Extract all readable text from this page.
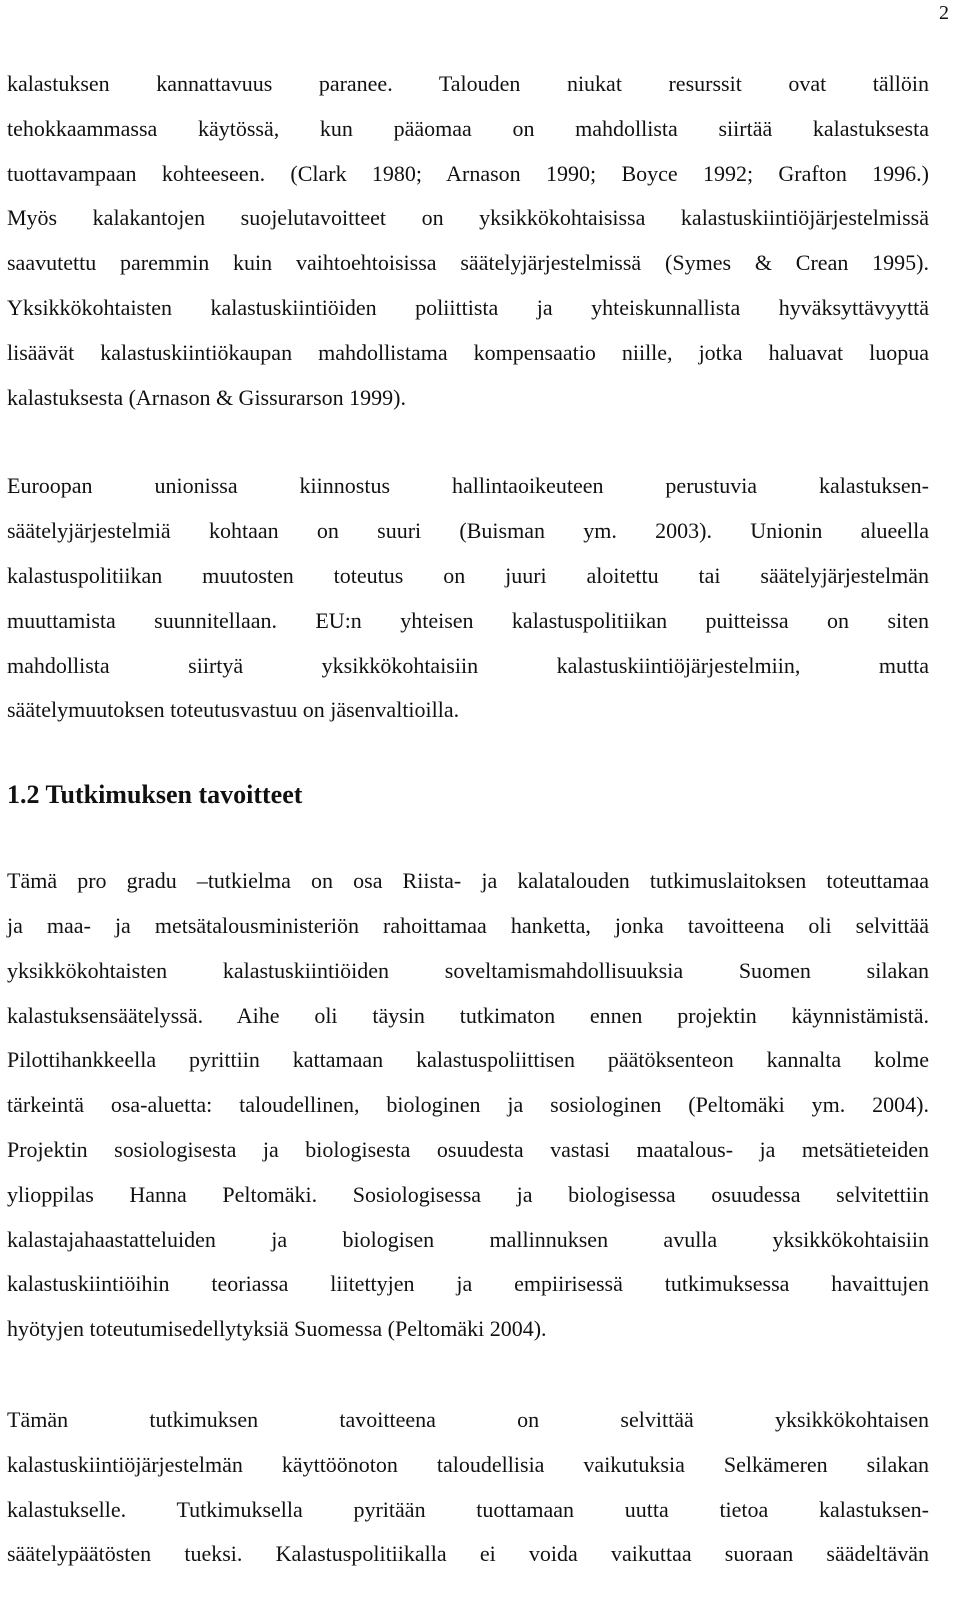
2
kalastuksen kannattavuus paranee. Talouden niukat resurssit ovat tällöin
tehokkaammassa käytössä, kun pääomaa on mahdollista siirtää kalastuksesta
tuottavampaan kohteeseen. (Clark 1980; Arnason 1990; Boyce 1992; Grafton 1996.)
Myös kalakantojen suojelutavoitteet on yksikkökohtaisissa kalastuskiintiöjärjestelmissä
saavutettu paremmin kuin vaihtoehtoisissa säätelyjärjestelmissä (Symes & Crean 1995).
Yksikkökohtaisten kalastuskiintiöiden poliittista ja yhteiskunnallista hyväksyttävyyttä
lisäävät kalastuskiintiökaupan mahdollistama kompensaatio niille, jotka haluavat luopua
kalastuksesta (Arnason & Gissurarson 1999).
Euroopan unionissa kiinnostus hallintaoikeuteen perustuvia kalastuksen-
säätelyjärjestelmiä kohtaan on suuri (Buisman ym. 2003). Unionin alueella
kalastuspolitiikan muutosten toteutus on juuri aloitettu tai säätelyjärjestelmän
muuttamista suunnitellaan. EU:n yhteisen kalastuspolitiikan puitteissa on siten
mahdollista siirtyä yksikkökohtaisiin kalastuskiintiöjärjestelmiin, mutta
säätelymuutoksen toteutusvastuu on jäsenvaltioilla.
1.2 Tutkimuksen tavoitteet
Tämä pro gradu –tutkielma on osa Riista- ja kalatalouden tutkimuslaitoksen toteuttamaa
ja maa- ja metsätalousministeriön rahoittamaa hanketta, jonka tavoitteena oli selvittää
yksikkökohtaisten kalastuskiintiöiden soveltamismahdollisuuksia Suomen silakan
kalastuksensäätelyssä. Aihe oli täysin tutkimaton ennen projektin käynnistämistä.
Pilottihankkeella pyrittiin kattamaan kalastuspoliittisen päätöksenteon kannalta kolme
tärkeintä osa-aluetta: taloudellinen, biologinen ja sosiologinen (Peltomäki ym. 2004).
Projektin sosiologisesta ja biologisesta osuudesta vastasi maatalous- ja metsätieteiden
ylioppilas Hanna Peltomäki. Sosiologisessa ja biologisessa osuudessa selvitettiin
kalastajahaastatteluiden ja biologisen mallinnuksen avulla yksikkökohtaisiin
kalastuskiintiöihin teoriassa liitettyjen ja empiirisessä tutkimuksessa havaittujen
hyötyjen toteutumisedellytyksiä Suomessa (Peltomäki 2004).
Tämän tutkimuksen tavoitteena on selvittää yksikkökohtaisen
kalastuskiintiöjärjestelmän käyttöönoton taloudellisia vaikutuksia Selkämeren silakan
kalastukselle. Tutkimuksella pyritään tuottamaan uutta tietoa kalastuksen-
säätelypäätösten tueksi. Kalastuspolitiikalla ei voida vaikuttaa suoraan säädeltävän
